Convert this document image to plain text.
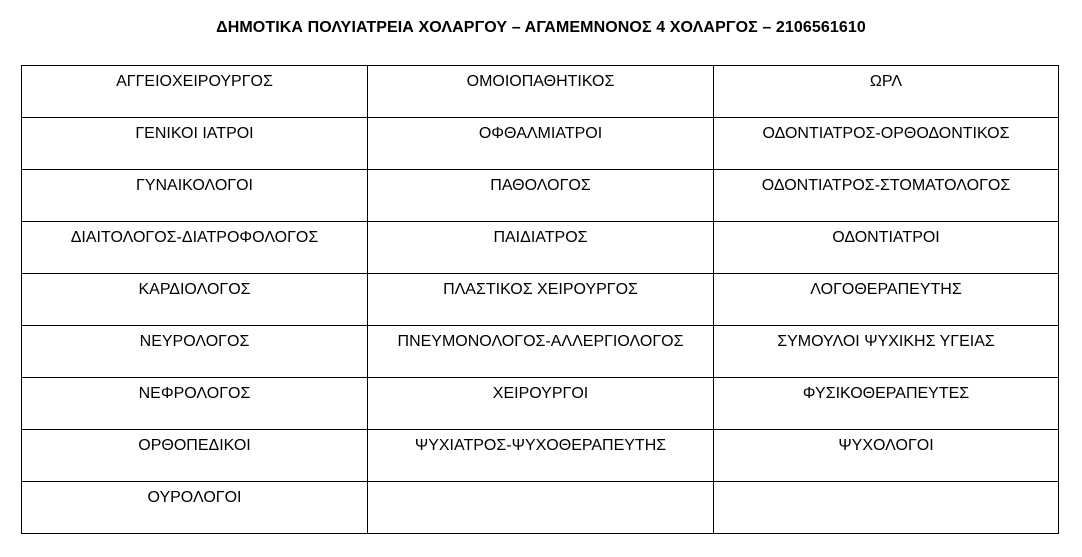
ΔΗΜΟΤΙΚΑ ΠΟΛΥΙΑΤΡΕΙΑ ΧΟΛΑΡΓΟΥ – ΑΓΑΜΕΜΝΟΝΟΣ 4 ΧΟΛΑΡΓΟΣ – 2106561610
ΑΓΓΕΙΟΧΕΙΡΟΥΡΓΟΣ	ΟΜΟΙΟΠΑΘΗΤΙΚΟΣ	ΩΡΛ

ΓΕΝΙΚΟΙ ΙΑΤΡΟΙ	ΟΦΘΑΛΜΙΑΤΡΟΙ	ΟΔΟΝΤΙΑΤΡΟΣ-ΟΡΘΟΔΟΝΤΙΚΟΣ

ΓΥΝΑΙΚΟΛΟΓΟΙ	ΠΑΘΟΛΟΓΟΣ	ΟΔΟΝΤΙΑΤΡΟΣ-ΣΤΟΜΑΤΟΛΟΓΟΣ

ΔΙΑΙΤΟΛΟΓΟΣ-ΔΙΑΤΡΟΦΟΛΟΓΟΣ	ΠΑΙΔΙΑΤΡΟΣ	ΟΔΟΝΤΙΑΤΡΟΙ

ΚΑΡΔΙΟΛΟΓΟΣ	ΠΛΑΣΤΙΚΟΣ ΧΕΙΡΟΥΡΓΟΣ	ΛΟΓΟΘΕΡΑΠΕΥΤΗΣ

ΝΕΥΡΟΛΟΓΟΣ	ΠΝΕΥΜΟΝΟΛΟΓΟΣ-ΑΛΛΕΡΓΙΟΛΟΓΟΣ	ΣΥΜΟΥΛΟΙ ΨΥΧΙΚΗΣ ΥΓΕΙΑΣ

ΝΕΦΡΟΛΟΓΟΣ	ΧΕΙΡΟΥΡΓΟΙ	ΦΥΣΙΚΟΘΕΡΑΠΕΥΤΕΣ

ΟΡΘΟΠΕΔΙΚΟΙ	ΨΥΧΙΑΤΡΟΣ-ΨΥΧΟΘΕΡΑΠΕΥΤΗΣ	ΨΥΧΟΛΟΓΟΙ

ΟΥΡΟΛΟΓΟΙ		
